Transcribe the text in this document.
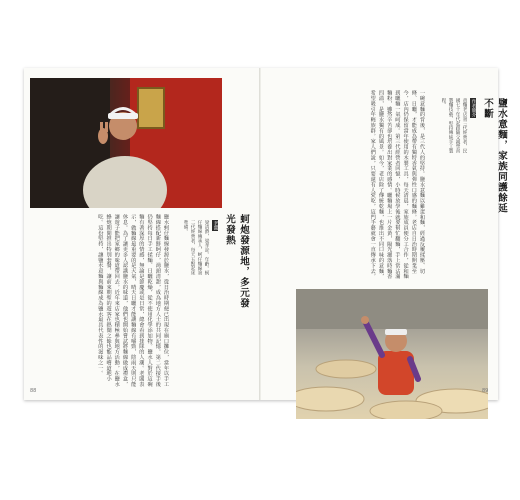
蚵炮發源地，多元發光發熱
老闆
梁清爵，梁孝詮。年齡。蚵仔麵線傳承人，蚵仔麵線第二代經營者，每天五點起床準備。
鹽水蚵仔麵線發源於鹽水，從日治時期便已出現在廟口攤位，當年以手工麵線搭配新鮮蚵仔，湯頭清甜，成為地方人士的共同記憶。第二代接手後仍堅持每日手工揉麵、日曬乾燥，從不使用化學添加物。鹽水人對於這碗麵有著深厚的情感，無論是節慶或是日常，總會看到排隊的人潮。老闆表示，做麵線最重要的是天氣，晴天日曬才能讓麵線有嚼勁，陰雨天則只能休息。為了讓更多人認識鹽水的味道，他們也開始嘗試將麵線做成禮盒，讓遊子能把家鄉的味道帶回去。近年來店家也積極參與地方活動，在鹽水蜂炮期間推出特別套餐，讓前來朝聖的遊客在熱鬧之餘也能品嚐道地小吃。這份堅持，讓鹽水意麵與麵線成為鹽水最具代表性的滋味之一。
88
鹽水意麵，家族同護餘延不斷
作者簡介
意麵老店第三代經營者，民國七十年代起跟隨父親學習製麵技藝，堅持傳統手工製程。
一碗意麵的背後，是三代人的堅持。鹽水意麵以雞蛋和麵，經過反覆揉壓、切條、日曬，才能成為帶有獨特香氣與彈性口感的麵條。老店自日治時期開業至今，店內仍保留當年使用的木製工具，每天清晨，家族成員便分工合作，從和麵到曬麵一氣呵成。第三代經營者回憶，小時候放學後就要幫忙翻麵，手上常沾滿麵粉，雖然辛苦卻也培養出對家業的感情。曬麵場上一片金黃，陽光灑落時麵香四溢，是鹽水獨有的風景。如今，老店除了傳統乾麵，也推出不同口味的意麵，希望吸引年輕族群。家人們說，只要還有人愛吃，這門手藝就會一直傳承下去。
89
